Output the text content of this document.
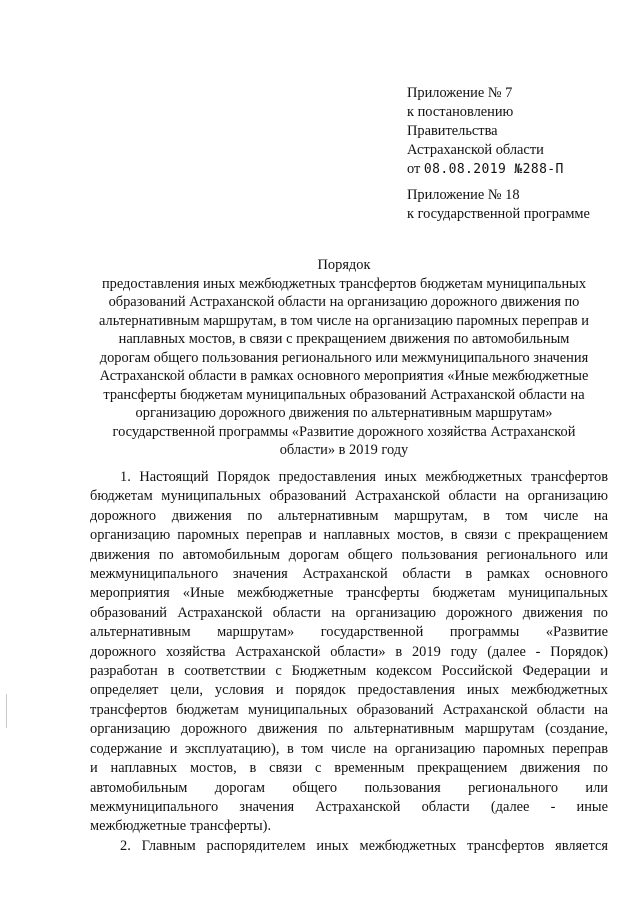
Приложение № 7
к постановлению
Правительства
Астраханской области
от 08.08.2019 №288-П
Приложение № 18
к государственной программе
Порядок
предоставления иных межбюджетных трансфертов бюджетам муниципальных
образований Астраханской области на организацию дорожного движения по
альтернативным маршрутам, в том числе на организацию паромных переправ и
наплавных мостов, в связи с прекращением движения по автомобильным
дорогам общего пользования регионального или межмуниципального значения
Астраханской области в рамках основного мероприятия «Иные межбюджетные
трансферты бюджетам муниципальных образований Астраханской области на
организацию дорожного движения по альтернативным маршрутам»
государственной программы «Развитие дорожного хозяйства Астраханской
области» в 2019 году
1. Настоящий Порядок предоставления иных межбюджетных трансфертов
бюджетам муниципальных образований Астраханской области на организацию
дорожного движения по альтернативным маршрутам, в том числе на
организацию паромных переправ и наплавных мостов, в связи с прекращением
движения по автомобильным дорогам общего пользования регионального или
межмуниципального значения Астраханской области в рамках основного
мероприятия «Иные межбюджетные трансферты бюджетам муниципальных
образований Астраханской области на организацию дорожного движения по
альтернативным маршрутам» государственной программы «Развитие
дорожного хозяйства Астраханской области» в 2019 году (далее - Порядок)
разработан в соответствии с Бюджетным кодексом Российской Федерации и
определяет цели, условия и порядок предоставления иных межбюджетных
трансфертов бюджетам муниципальных образований Астраханской области на
организацию дорожного движения по альтернативным маршрутам (создание,
содержание и эксплуатацию), в том числе на организацию паромных переправ
и наплавных мостов, в связи с временным прекращением движения по
автомобильным дорогам общего пользования регионального или
межмуниципального значения Астраханской области (далее - иные
межбюджетные трансферты).
2. Главным распорядителем иных межбюджетных трансфертов является
